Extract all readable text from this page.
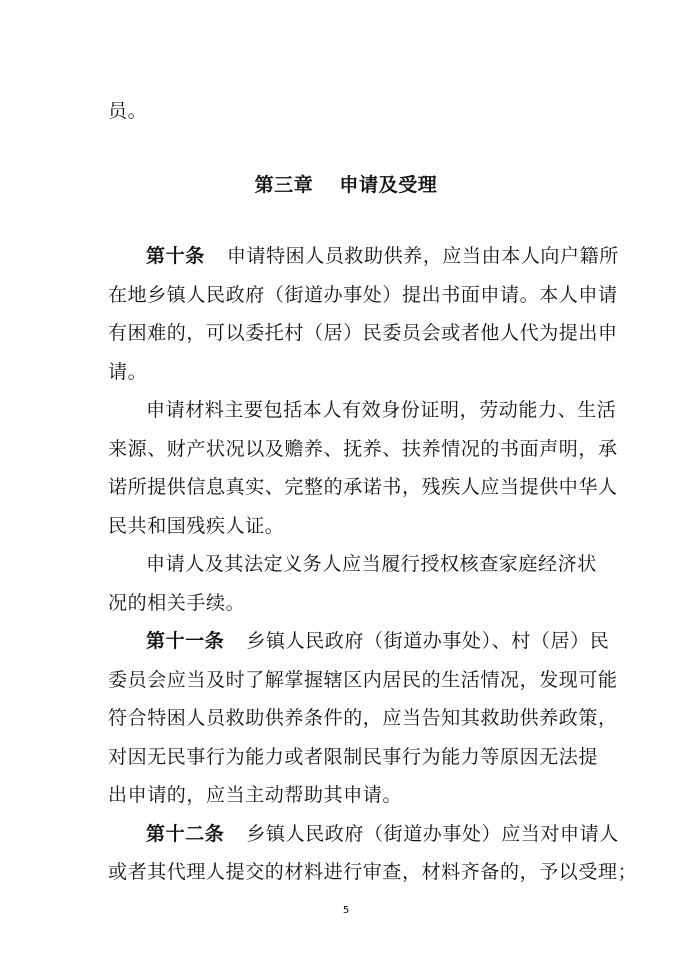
员。
第三章 申请及受理
第十条 申请特困人员救助供养，应当由本人向户籍所
在地乡镇人民政府（街道办事处）提出书面申请。本人申请
有困难的，可以委托村（居）民委员会或者他人代为提出申
请。
申请材料主要包括本人有效身份证明，劳动能力、生活
来源、财产状况以及赡养、抚养、扶养情况的书面声明，承
诺所提供信息真实、完整的承诺书，残疾人应当提供中华人
民共和国残疾人证。
申请人及其法定义务人应当履行授权核查家庭经济状
况的相关手续。
第十一条 乡镇人民政府（街道办事处）、村（居）民
委员会应当及时了解掌握辖区内居民的生活情况，发现可能
符合特困人员救助供养条件的，应当告知其救助供养政策，
对因无民事行为能力或者限制民事行为能力等原因无法提
出申请的，应当主动帮助其申请。
第十二条 乡镇人民政府（街道办事处）应当对申请人
或者其代理人提交的材料进行审查，材料齐备的，予以受理；
5
